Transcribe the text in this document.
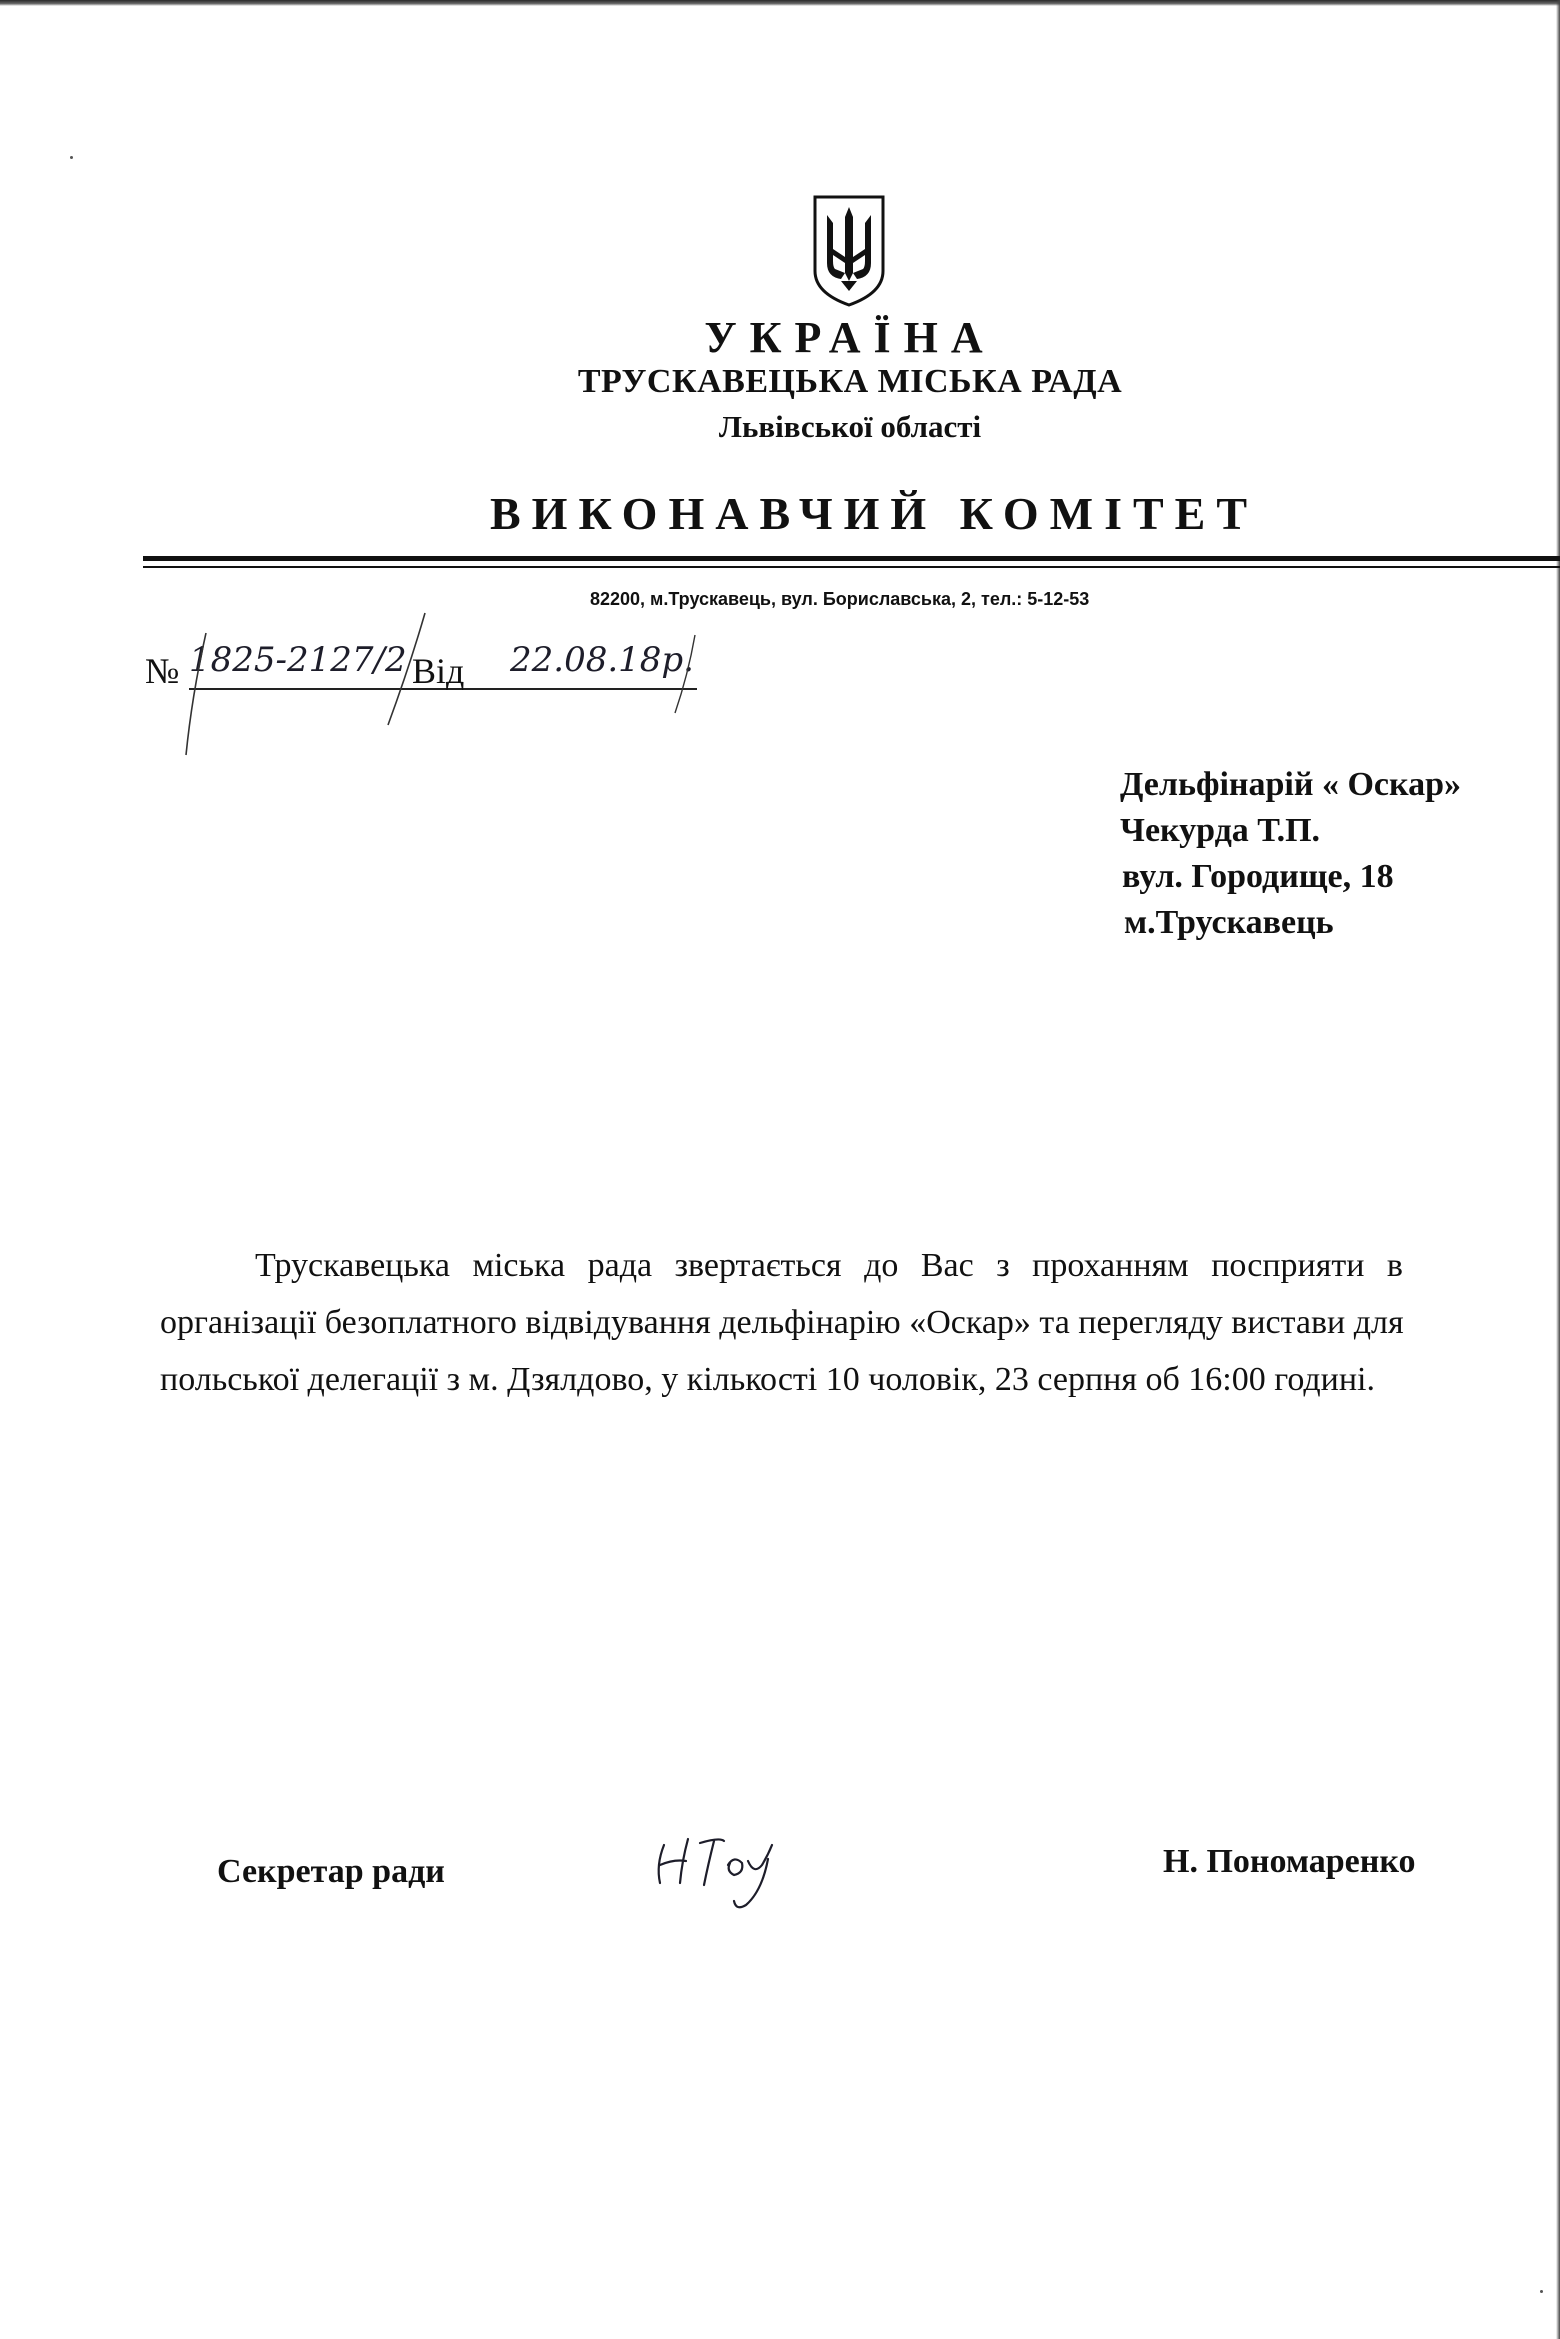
УКРАЇНА
ТРУСКАВЕЦЬКА МІСЬКА РАДА
Львівської області
ВИКОНАВЧИЙ КОМІТЕТ
82200, м.Трускавець, вул. Бориславська, 2, тел.: 5-12-53
№ 1825-2127/2 Від 22.08.18р.
Дельфінарій « Оскар»
Чекурда Т.П.
вул. Городище, 18
м.Трускавець
Трускавецька міська рада звертається до Вас з проханням посприяти в
організації безоплатного відвідування дельфінарію «Оскар» та перегляду вистави для
польської делегації з м. Дзялдово, у кількості 10 чоловік, 23 серпня об 16:00 годині.
Секретар ради	Н. Пономаренко
